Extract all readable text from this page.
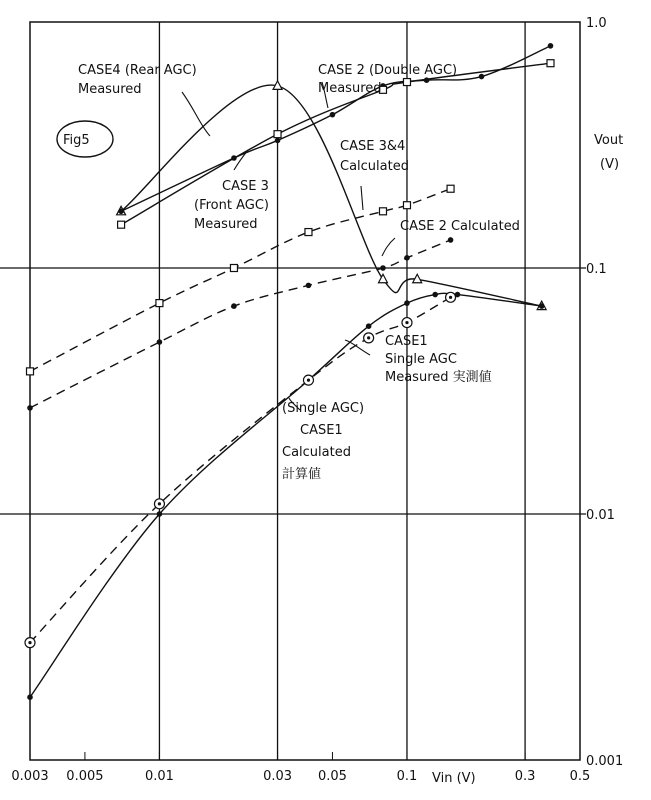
0.003 0.005	0.01	0.03 0.05	0.1	0.3	0.5
1.0
0.1
0.01
0.001
Vout (V)
Vin (V)
Fig5
CASE4 (Rear AGC) Measured
CASE 2 (Double AGC) Measured
CASE 3 (Front AGC) Measured
CASE 3&4 Calculated
CASE 2 Calculated
CASE1 Single AGC Measured 実測値
(Single AGC) CASE1 Calculated 計算値
